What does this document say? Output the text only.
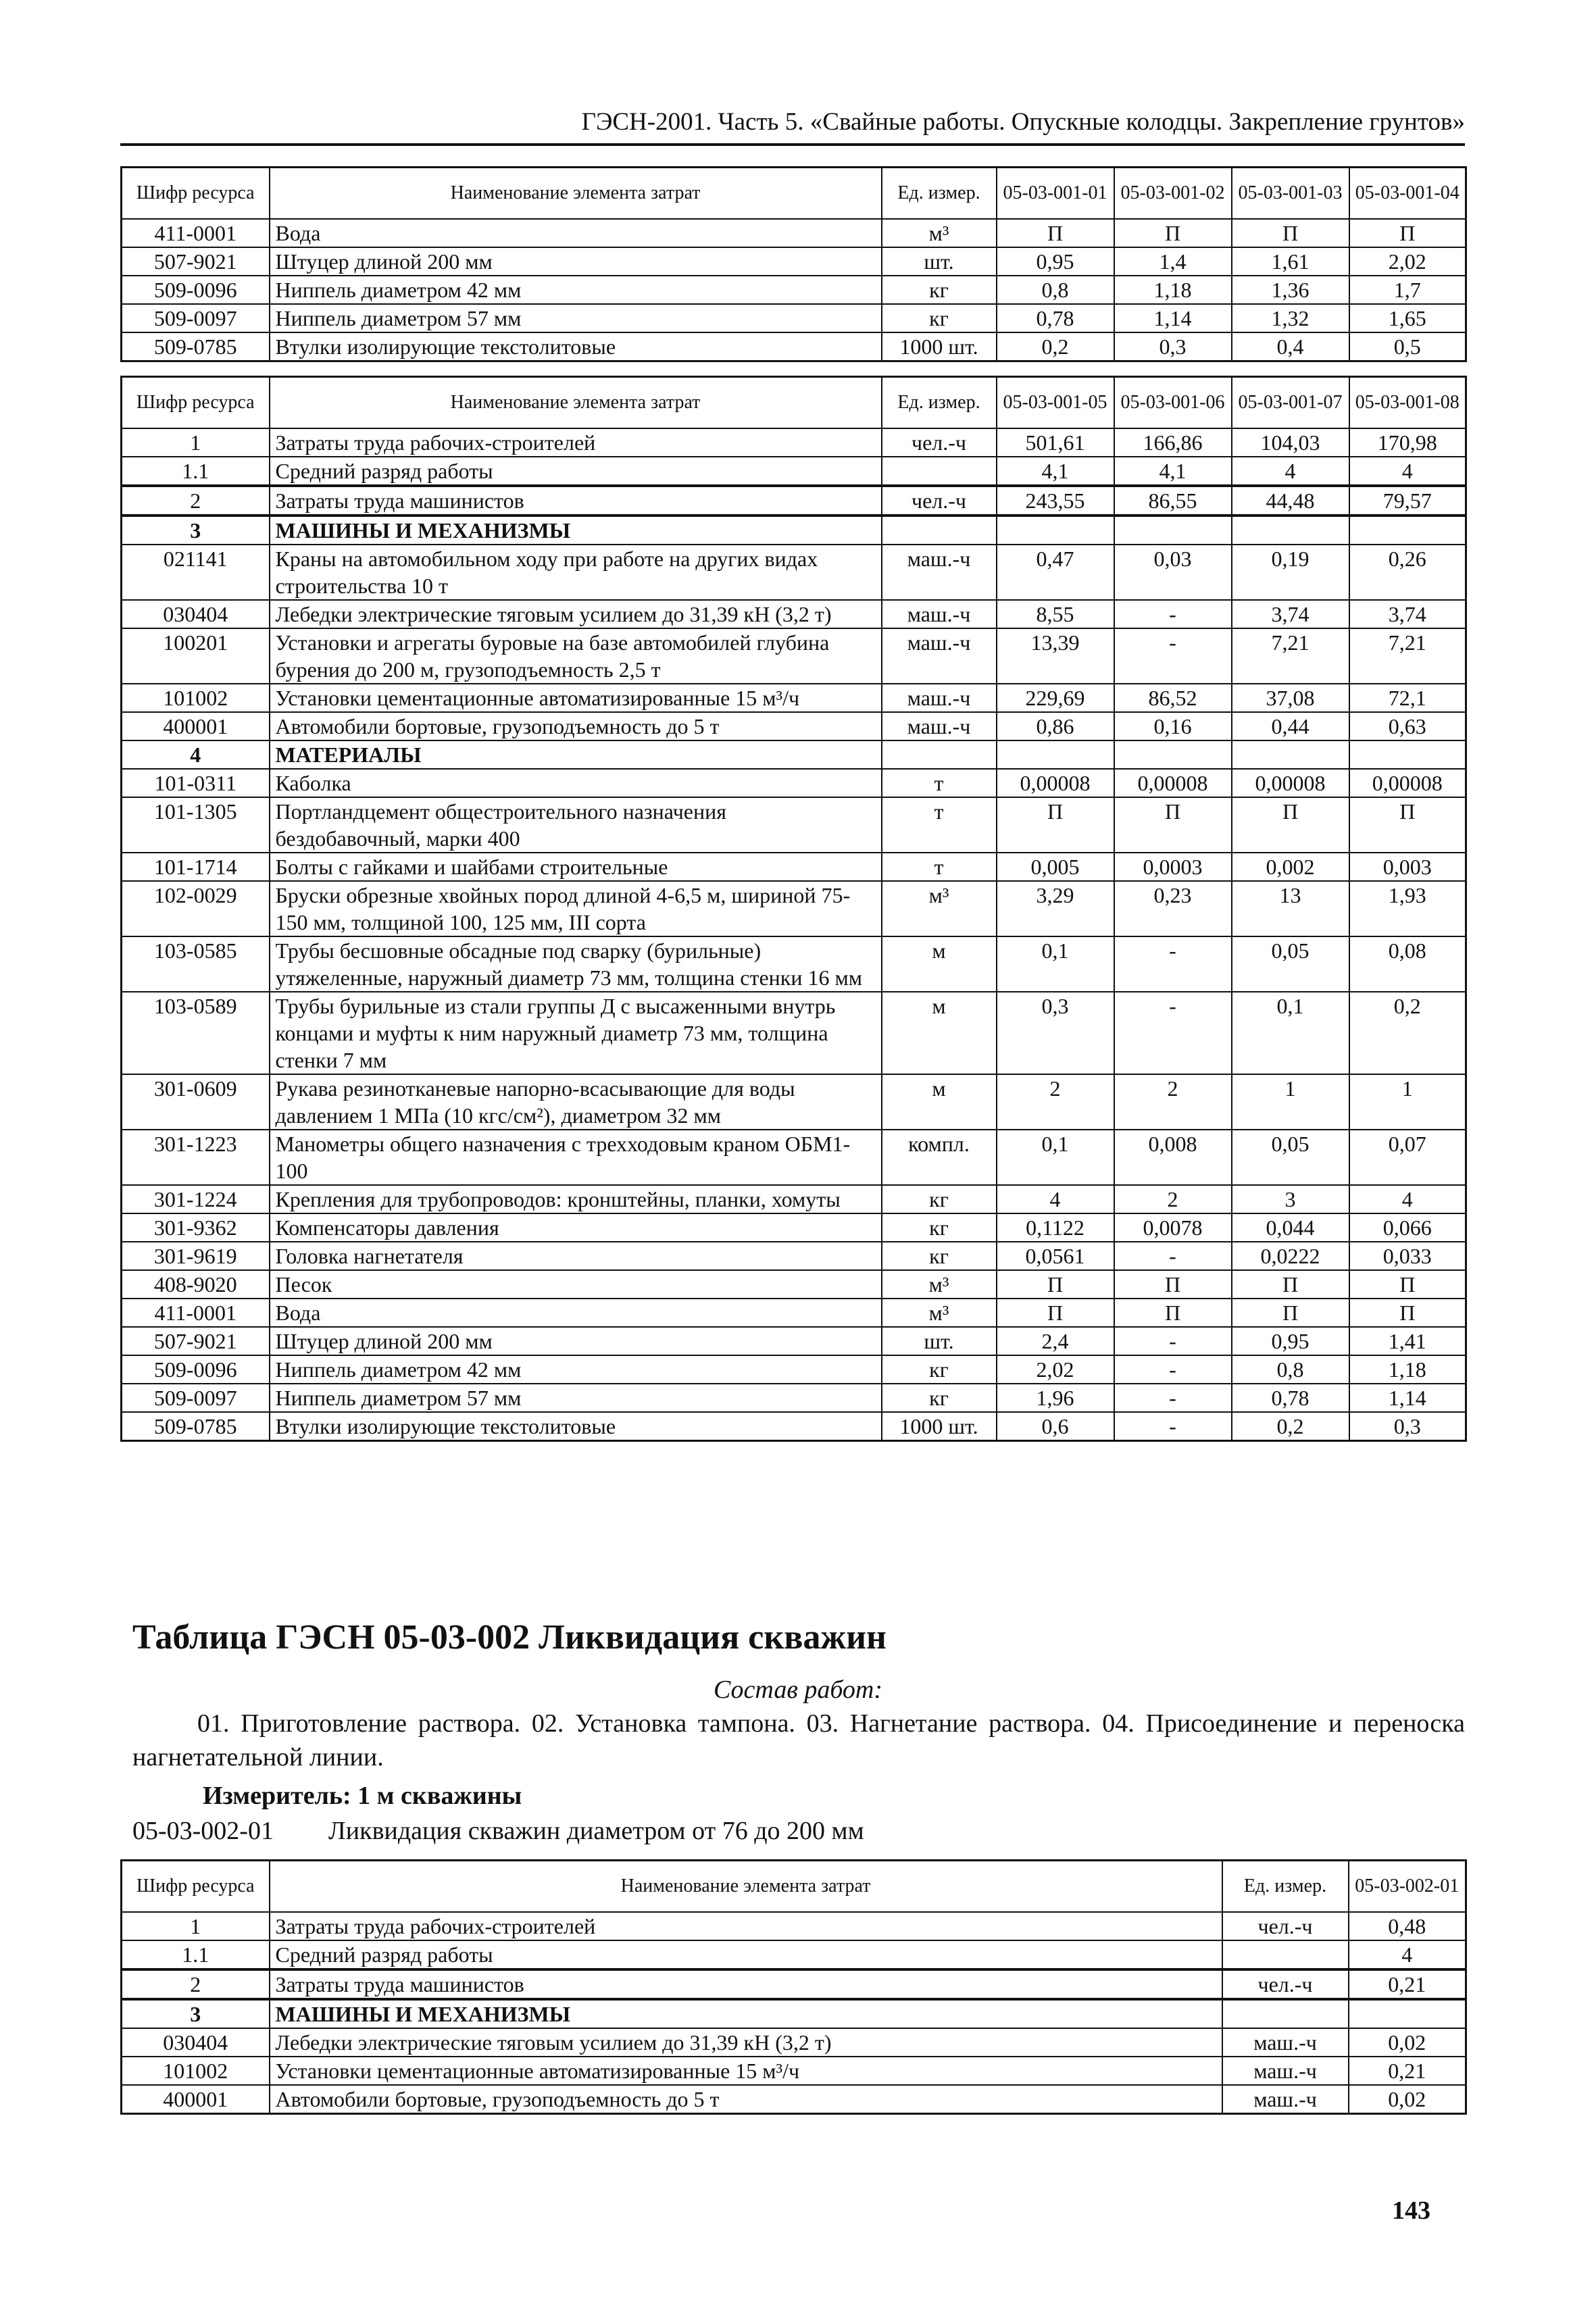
ГЭСН-2001. Часть 5. «Свайные работы. Опускные колодцы. Закрепление грунтов»
Шифр ресурса	Наименование элемента затрат	Ед. измер.	05-03-001-01	05-03-001-02	05-03-001-03	05-03-001-04
411-0001	Вода	м³	П	П	П	П
507-9021	Штуцер длиной 200 мм	шт.	0,95	1,4	1,61	2,02
509-0096	Ниппель диаметром 42 мм	кг	0,8	1,18	1,36	1,7
509-0097	Ниппель диаметром 57 мм	кг	0,78	1,14	1,32	1,65
509-0785	Втулки изолирующие текстолитовые	1000 шт.	0,2	0,3	0,4	0,5
Шифр ресурса	Наименование элемента затрат	Ед. измер.	05-03-001-05	05-03-001-06	05-03-001-07	05-03-001-08
1	Затраты труда рабочих-строителей	чел.-ч	501,61	166,86	104,03	170,98
1.1	Средний разряд работы		4,1	4,1	4	4
2	Затраты труда машинистов	чел.-ч	243,55	86,55	44,48	79,57
3	МАШИНЫ И МЕХАНИЗМЫ					
021141	Краны на автомобильном ходу при работе на других видах строительства 10 т	маш.-ч	0,47	0,03	0,19	0,26
030404	Лебедки электрические тяговым усилием до 31,39 кН (3,2 т)	маш.-ч	8,55	-	3,74	3,74
100201	Установки и агрегаты буровые на базе автомобилей глубина бурения до 200 м, грузоподъемность 2,5 т	маш.-ч	13,39	-	7,21	7,21
101002	Установки цементационные автоматизированные 15 м³/ч	маш.-ч	229,69	86,52	37,08	72,1
400001	Автомобили бортовые, грузоподъемность до 5 т	маш.-ч	0,86	0,16	0,44	0,63
4	МАТЕРИАЛЫ					
101-0311	Каболка	т	0,00008	0,00008	0,00008	0,00008
101-1305	Портландцемент общестроительного назначения бездобавочный, марки 400	т	П	П	П	П
101-1714	Болты с гайками и шайбами строительные	т	0,005	0,0003	0,002	0,003
102-0029	Бруски обрезные хвойных пород длиной 4-6,5 м, шириной 75-150 мм, толщиной 100, 125 мм, III сорта	м³	3,29	0,23	13	1,93
103-0585	Трубы бесшовные обсадные под сварку (бурильные) утяжеленные, наружный диаметр 73 мм, толщина стенки 16 мм	м	0,1	-	0,05	0,08
103-0589	Трубы бурильные из стали группы Д с высаженными внутрь концами и муфты к ним наружный диаметр 73 мм, толщина стенки 7 мм	м	0,3	-	0,1	0,2
301-0609	Рукава резинотканевые напорно-всасывающие для воды давлением 1 МПа (10 кгс/см²), диаметром 32 мм	м	2	2	1	1
301-1223	Манометры общего назначения с трехходовым краном ОБМ1-100	компл.	0,1	0,008	0,05	0,07
301-1224	Крепления для трубопроводов: кронштейны, планки, хомуты	кг	4	2	3	4
301-9362	Компенсаторы давления	кг	0,1122	0,0078	0,044	0,066
301-9619	Головка нагнетателя	кг	0,0561	-	0,0222	0,033
408-9020	Песок	м³	П	П	П	П
411-0001	Вода	м³	П	П	П	П
507-9021	Штуцер длиной 200 мм	шт.	2,4	-	0,95	1,41
509-0096	Ниппель диаметром 42 мм	кг	2,02	-	0,8	1,18
509-0097	Ниппель диаметром 57 мм	кг	1,96	-	0,78	1,14
509-0785	Втулки изолирующие текстолитовые	1000 шт.	0,6	-	0,2	0,3
Таблица ГЭСН 05-03-002 Ликвидация скважин
Состав работ:
01. Приготовление раствора. 02. Установка тампона. 03. Нагнетание раствора. 04. Присоединение и переноска нагнетательной линии.
Измеритель: 1 м скважины
05-03-002-01 Ликвидация скважин диаметром от 76 до 200 мм
Шифр ресурса	Наименование элемента затрат	Ед. измер.	05-03-002-01
1	Затраты труда рабочих-строителей	чел.-ч	0,48
1.1	Средний разряд работы		4
2	Затраты труда машинистов	чел.-ч	0,21
3	МАШИНЫ И МЕХАНИЗМЫ		
030404	Лебедки электрические тяговым усилием до 31,39 кН (3,2 т)	маш.-ч	0,02
101002	Установки цементационные автоматизированные 15 м³/ч	маш.-ч	0,21
400001	Автомобили бортовые, грузоподъемность до 5 т	маш.-ч	0,02
143
